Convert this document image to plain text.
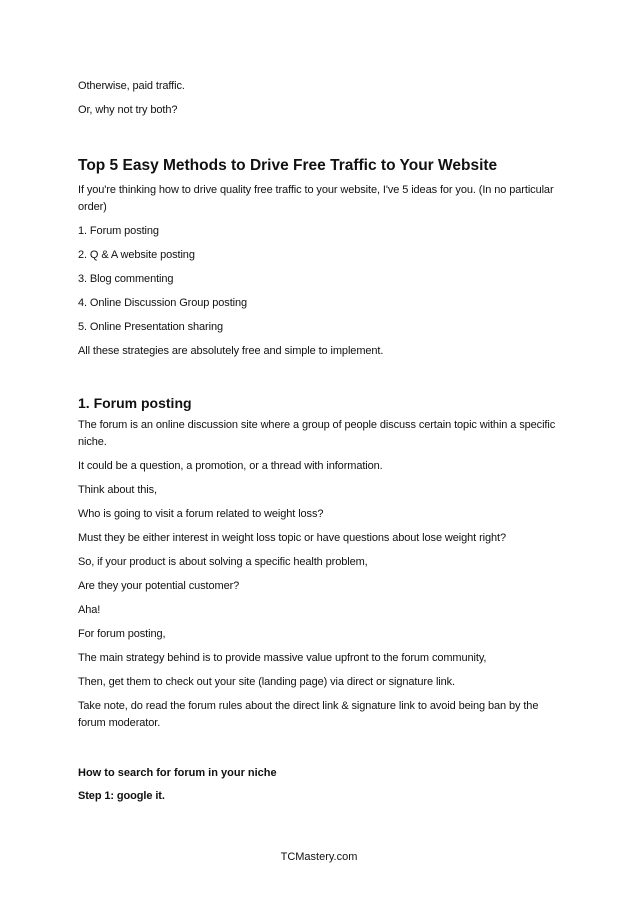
Otherwise, paid traffic.

Or, why not try both?

Top 5 Easy Methods to Drive Free Traffic to Your Website

If you're thinking how to drive quality free traffic to your website, I've 5 ideas for you. (In no particular order)

1. Forum posting

2. Q & A website posting

3. Blog commenting

4. Online Discussion Group posting

5. Online Presentation sharing

All these strategies are absolutely free and simple to implement.

1. Forum posting

The forum is an online discussion site where a group of people discuss certain topic within a specific niche.

It could be a question, a promotion, or a thread with information.

Think about this,

Who is going to visit a forum related to weight loss?

Must they be either interest in weight loss topic or have questions about lose weight right?

So, if your product is about solving a specific health problem,

Are they your potential customer?

Aha!

For forum posting,

The main strategy behind is to provide massive value upfront to the forum community,

Then, get them to check out your site (landing page) via direct or signature link.

Take note, do read the forum rules about the direct link & signature link to avoid being ban by the forum moderator.

How to search for forum in your niche

Step 1: google it.

TCMastery.com
